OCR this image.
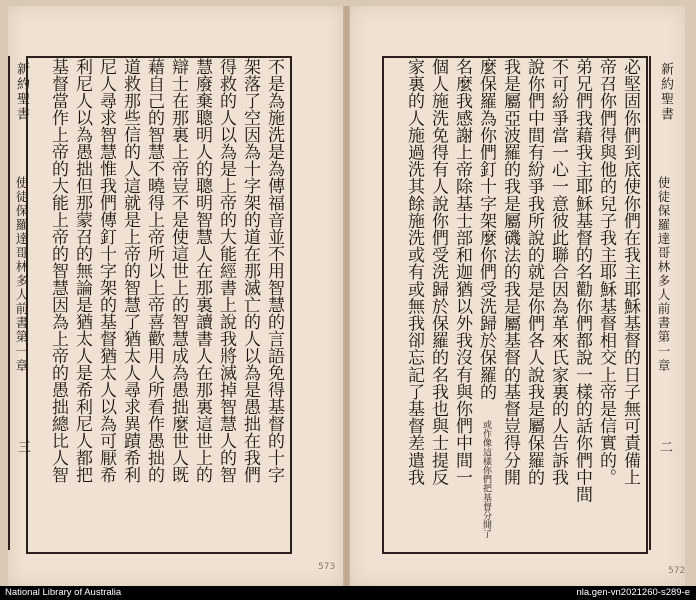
新約聖書
使徒保羅達哥林多人前書
第一章
二
必堅固你們到底使你們在我主耶穌基督的日子無可責備上
帝召你們得與他的兒子我主耶穌基督相交上帝是信實的。
弟兄們我藉我主耶穌基督的名勸你們都說一樣的話你們中間
不可紛爭當一心一意彼此聯合因為革來氏家裏的人告訴我
說你們中間有紛爭我所說的就是你們各人說我是屬保羅的
我是屬亞波羅的我是屬磯法的我是屬基督的基督豈得分開
麼保羅為你們釘十字架麼你們受洗歸於保羅的 或作像這樣你們把基督分開了
名麼我感謝上帝除基士部和迦猶以外我沒有與你們中間一
個人施洗免得有人說你們受洗歸於保羅的名我也與士提反
家裏的人施過洗其餘施洗或有或無我卻忘記了基督差遣我
新約聖書
使徒保羅達哥林多人前書
第一章
三	不是為施洗是為傳福音並不用智慧的言語免得基督的十字
架落了空因為十字架的道在那滅亡的人以為是愚拙在我們
得救的人以為是上帝的大能經書上說我將滅掉智慧人的智
慧廢棄聰明人的聰明智慧人在那裏讀書人在那裏這世上的
辯士在那裏上帝豈不是使這世上的智慧成為愚拙麼世人既
藉自己的智慧不曉得上帝所以上帝喜歡用人所看作愚拙的
道救那些信的人這就是上帝的智慧了猶太人尋求異蹟希利
尼人尋求智慧惟我們傳釘十字架的基督猶太人以為可厭希
利尼人以為愚拙但那蒙召的無論是猶太人是希利尼人都把
基督當作上帝的大能上帝的智慧因為上帝的愚拙總比人智
573	572
National Library of Australia	nla.gen-vn2021260-s289-e
